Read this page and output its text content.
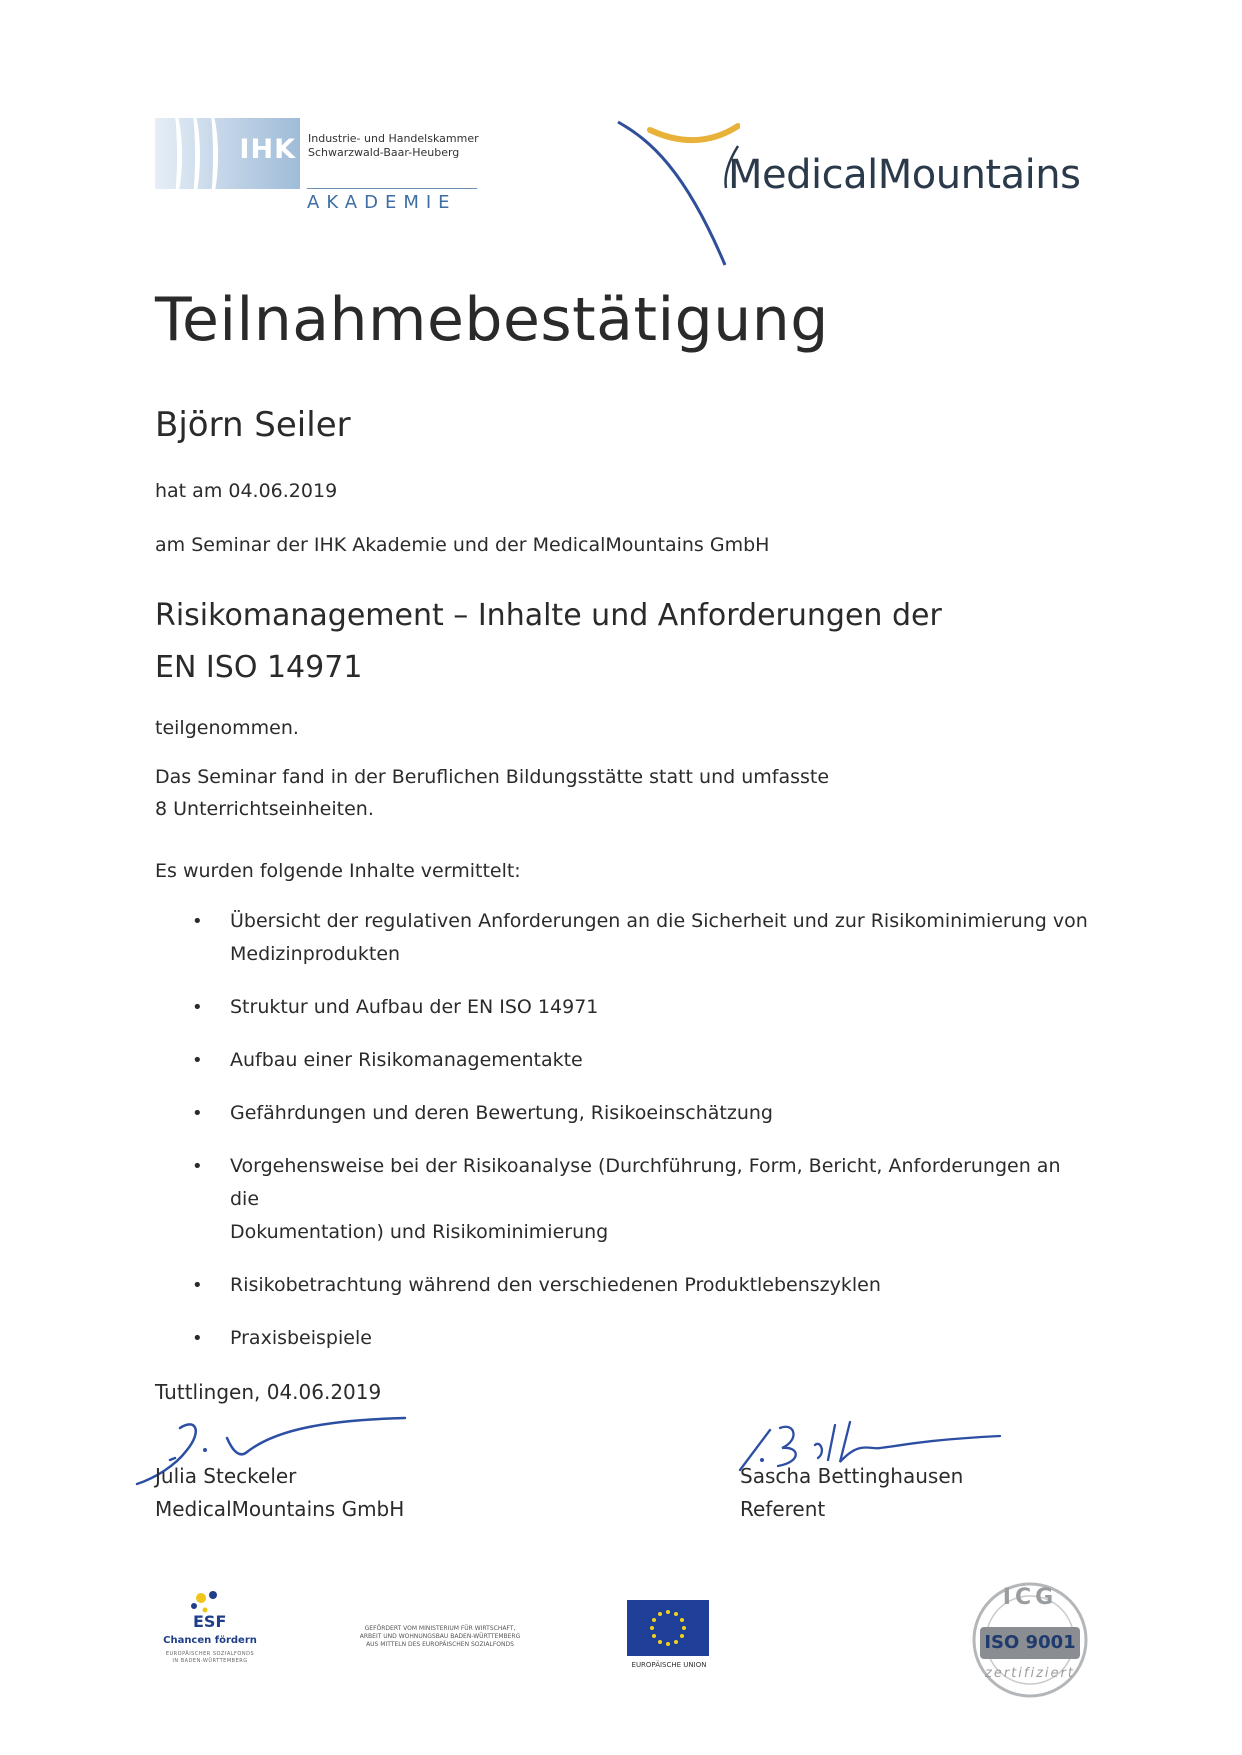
IHK Industrie- und Handelskammer
Schwarzwald-Baar-Heuberg
AKADEMIE
MedicalMountains
Teilnahmebestätigung
Björn Seiler
hat am 04.06.2019
am Seminar der IHK Akademie und der MedicalMountains GmbH
Risikomanagement – Inhalte und Anforderungen der
EN ISO 14971
teilgenommen.
Das Seminar fand in der Beruflichen Bildungsstätte statt und umfasste
8 Unterrichtseinheiten.
Es wurden folgende Inhalte vermittelt:
• Übersicht der regulativen Anforderungen an die Sicherheit und zur Risikominimierung von
Medizinprodukten
• Struktur und Aufbau der EN ISO 14971
• Aufbau einer Risikomanagementakte
• Gefährdungen und deren Bewertung, Risikoeinschätzung
• Vorgehensweise bei der Risikoanalyse (Durchführung, Form, Bericht, Anforderungen an die
Dokumentation) und Risikominimierung
• Risikobetrachtung während den verschiedenen Produktlebenszyklen
• Praxisbeispiele
Tuttlingen, 04.06.2019
Julia Steckeler
MedicalMountains GmbH
Sascha Bettinghausen
Referent
ESF
Chancen fördern
EUROPÄISCHER SOZIALFONDS
IN BADEN-WÜRTTEMBERG
GEFÖRDERT VOM MINISTERIUM FÜR WIRTSCHAFT,
ARBEIT UND WOHNUNGSBAU BADEN-WÜRTTEMBERG
AUS MITTELN DES EUROPÄISCHEN SOZIALFONDS
EUROPÄISCHE UNION
ICG
ISO 9001
zertifiziert
